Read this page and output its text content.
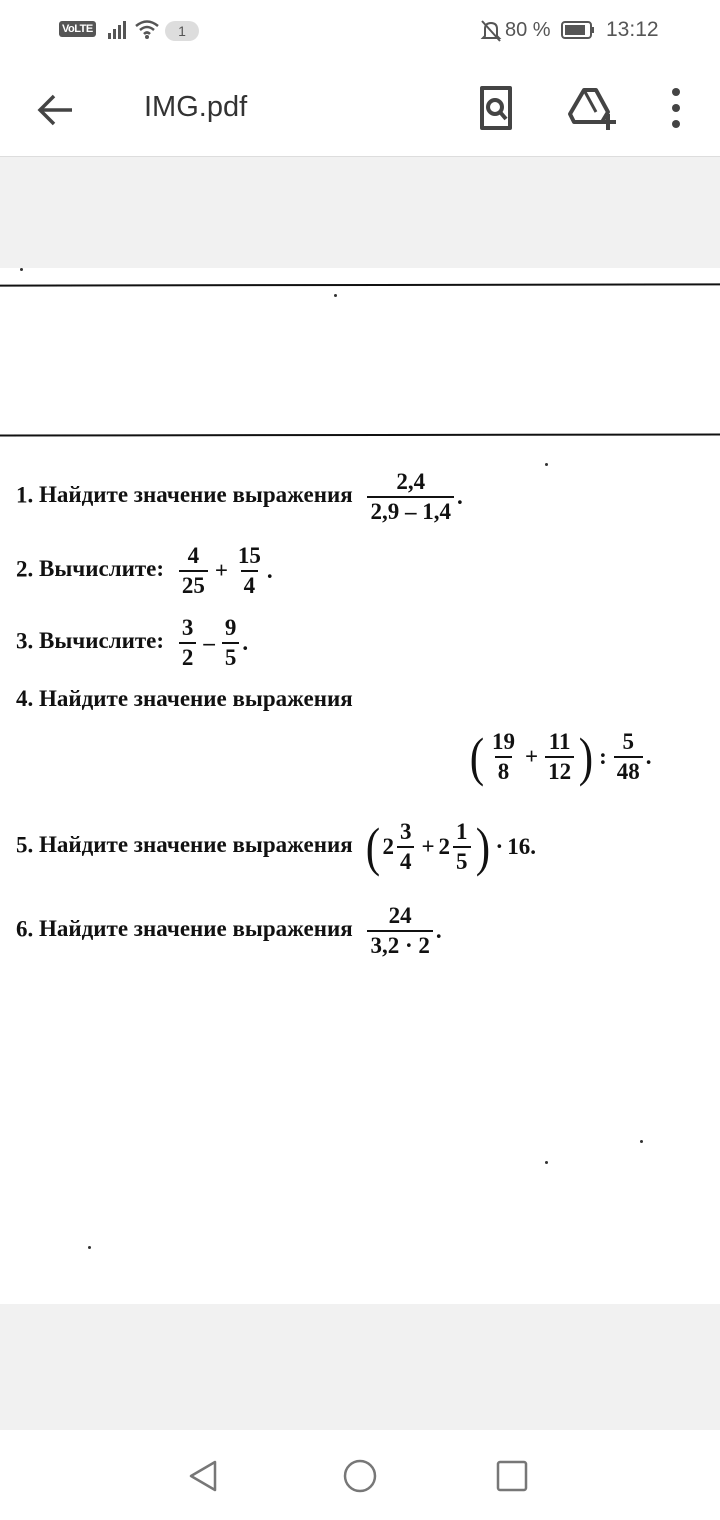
VoLTE	1	80 %	13:12
IMG.pdf
1. Найдите значение выражения $\frac{2,4}{2,9 - 1,4}$ .
2. Вычислите: $\frac{4}{25} + \frac{15}{4}$ .
3. Вычислите: $\frac{3}{2} - \frac{9}{5}$ .
4. Найдите значение выражения
( $\frac{19}{8} + \frac{11}{12}$ ) : $\frac{5}{48}$ .
5. Найдите значение выражения ( $2 \frac{3}{4} + 2 \frac{1}{5}$ ) · 16 .
6. Найдите значение выражения $\frac{24}{3,2 \cdot 2}$ .
